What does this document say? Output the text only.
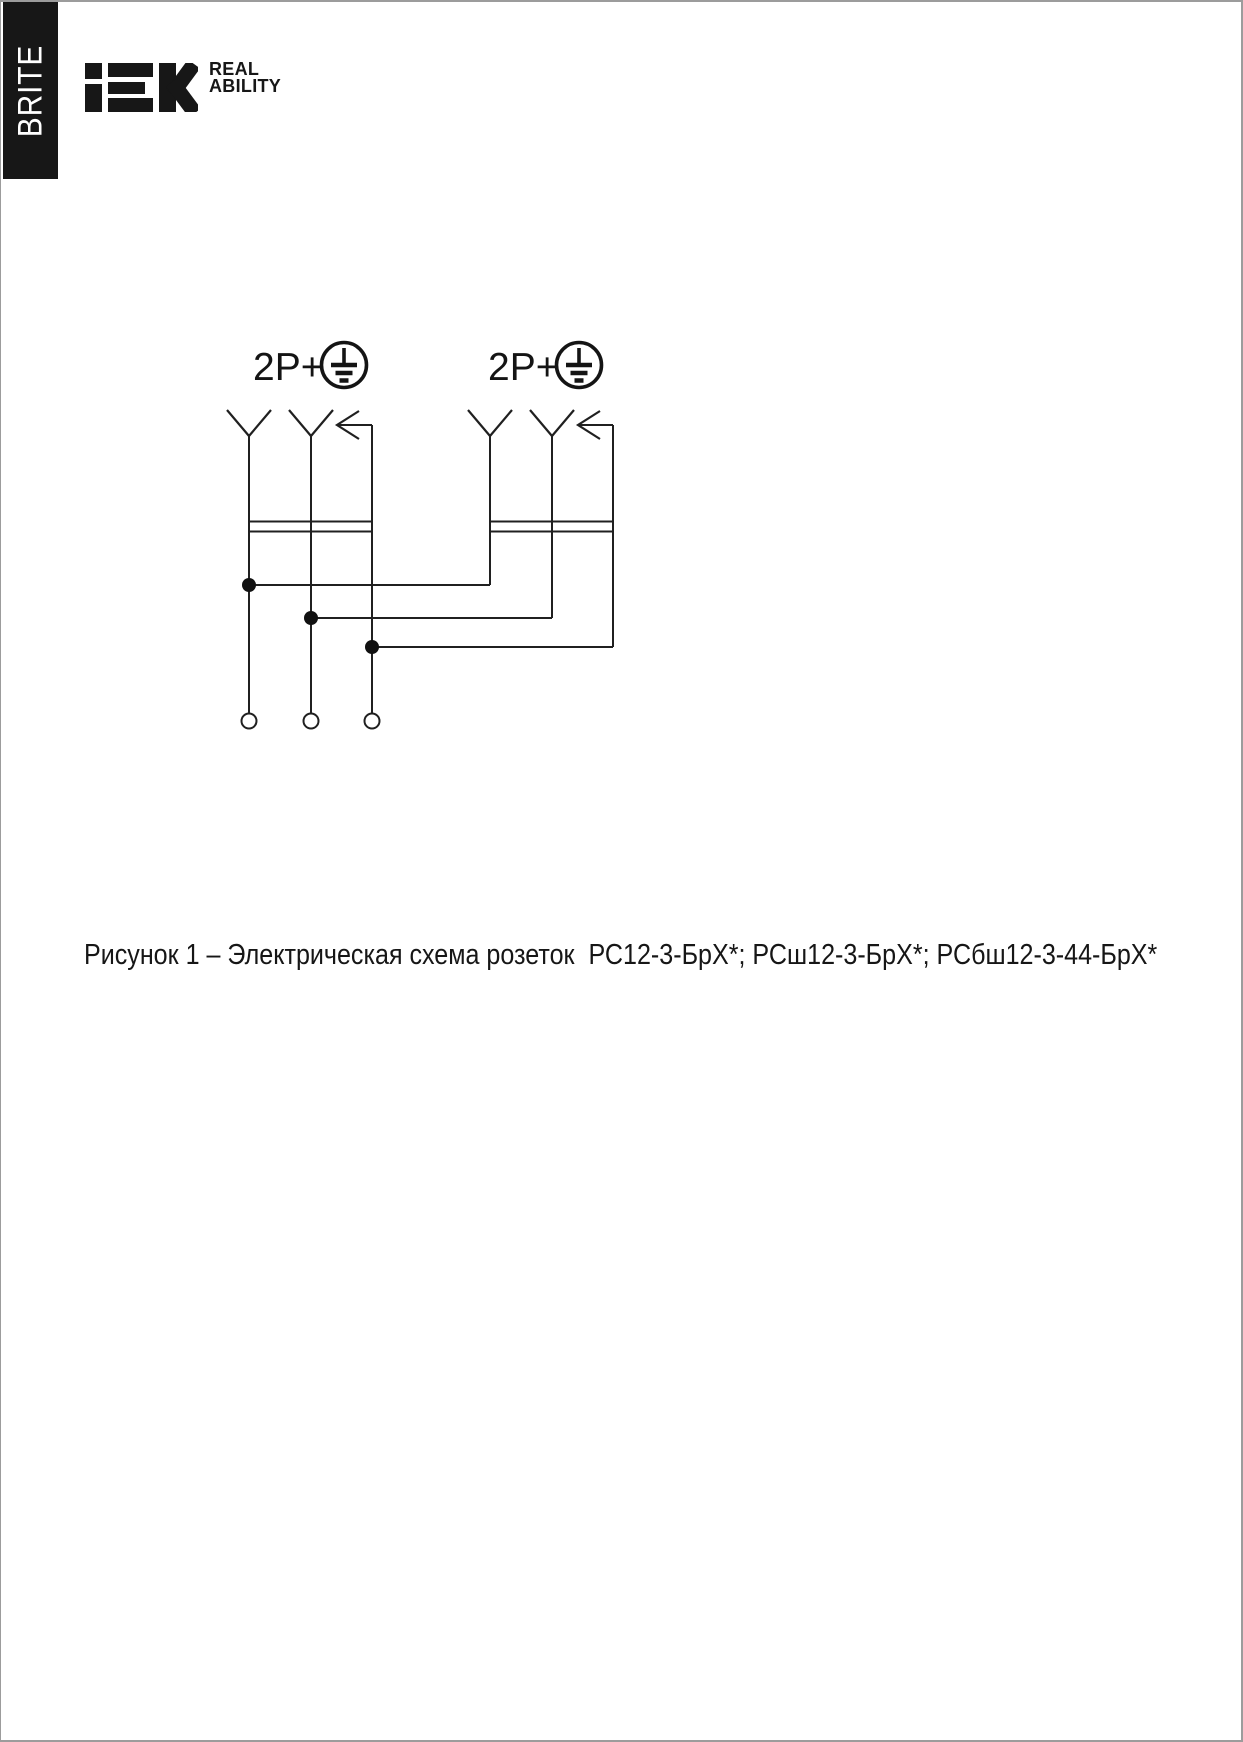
BRITE	REAL
ABILITY
2P+	2P+
Рисунок 1 – Электрическая схема розеток  РС12-3-БрХ*; РСш12-3-БрХ*; РСбш12-3-44-БрХ*
